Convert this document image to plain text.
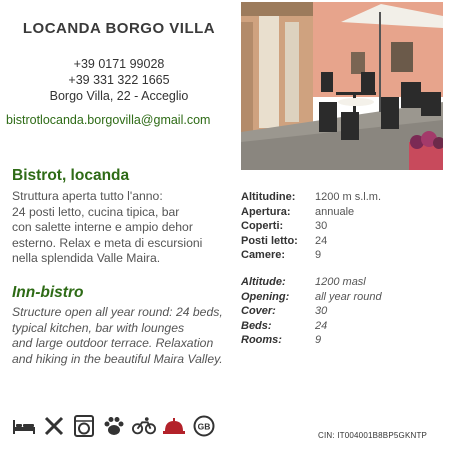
LOCANDA BORGO VILLA
+39 0171 99028
+39 331 322 1665
Borgo Villa, 22 - Acceglio
bistrotlocanda.borgovilla@gmail.com
Bistrot, locanda
Struttura aperta tutto l'anno:
24 posti letto, cucina tipica, bar
con salette interne e ampio dehor
esterno. Relax e meta di escursioni
nella splendida Valle Maira.
Altitudine:	1200 m s.l.m.
Apertura:	annuale
Coperti:	30
Posti letto:	24
Camere:	9
Inn-bistro
Structure open all year round: 24 beds,
typical kitchen, bar with lounges
and large outdoor terrace. Relaxation
and hiking in the beautiful Maira Valley.
Altitude:	1200 masl
Opening:	all year round
Cover:	30
Beds:	24
Rooms:	9
GB
CIN: IT004001B8BP5GKNTP
